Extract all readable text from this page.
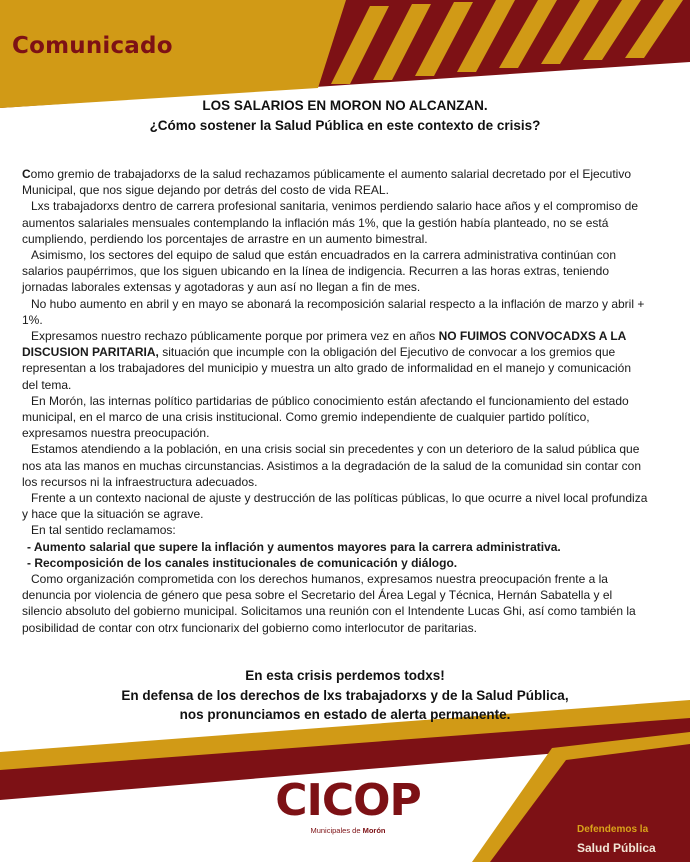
Comunicado
LOS SALARIOS EN MORON NO ALCANZAN.
¿Cómo sostener la Salud Pública en este contexto de crisis?

Como gremio de trabajadorxs de la salud rechazamos públicamente el aumento salarial decretado por el Ejecutivo Municipal, que nos sigue dejando por detrás del costo de vida REAL.

Lxs trabajadorxs dentro de carrera profesional sanitaria, venimos perdiendo salario hace años y el compromiso de aumentos salariales mensuales contemplando la inflación más 1%, que la gestión había planteado, no se está cumpliendo, perdiendo los porcentajes de arrastre en un aumento bimestral.

Asimismo, los sectores del equipo de salud que están encuadrados en la carrera administrativa continúan con salarios paupérrimos, que los siguen ubicando en la línea de indigencia. Recurren a las horas extras, teniendo jornadas laborales extensas y agotadoras y aun así no llegan a fin de mes.

No hubo aumento en abril y en mayo se abonará la recomposición salarial respecto a la inflación de marzo y abril + 1%.

Expresamos nuestro rechazo públicamente porque por primera vez en años NO FUIMOS CONVOCADXS A LA DISCUSION PARITARIA, situación que incumple con la obligación del Ejecutivo de convocar a los gremios que representan a los trabajadores del municipio y muestra un alto grado de informalidad en el manejo y comunicación del tema.

En Morón, las internas político partidarias de público conocimiento están afectando el funcionamiento del estado municipal, en el marco de una crisis institucional. Como gremio independiente de cualquier partido político, expresamos nuestra preocupación.

Estamos atendiendo a la población, en una crisis social sin precedentes y con un deterioro de la salud pública que nos ata las manos en muchas circunstancias. Asistimos a la degradación de la salud de la comunidad sin contar con los recursos ni la infraestructura adecuados.

Frente a un contexto nacional de ajuste y destrucción de las políticas públicas, lo que ocurre a nivel local profundiza y hace que la situación se agrave.

En tal sentido reclamamos:

- Aumento salarial que supere la inflación y aumentos mayores para la carrera administrativa.

- Recomposición de los canales institucionales de comunicación y diálogo.

Como organización comprometida con los derechos humanos, expresamos nuestra preocupación frente a la denuncia por violencia de género que pesa sobre el Secretario del Área Legal y Técnica, Hernán Sabatella y el silencio absoluto del gobierno municipal. Solicitamos una reunión con el Intendente Lucas Ghi, así como también la posibilidad de contar con otrx funcionarix del gobierno como interlocutor de paritarias.

En esta crisis perdemos todxs!
En defensa de los derechos de lxs trabajadorxs y de la Salud Pública,
nos pronunciamos en estado de alerta permanente.
CICOP
Municipales de Morón	Defendemos la
Salud Pública
